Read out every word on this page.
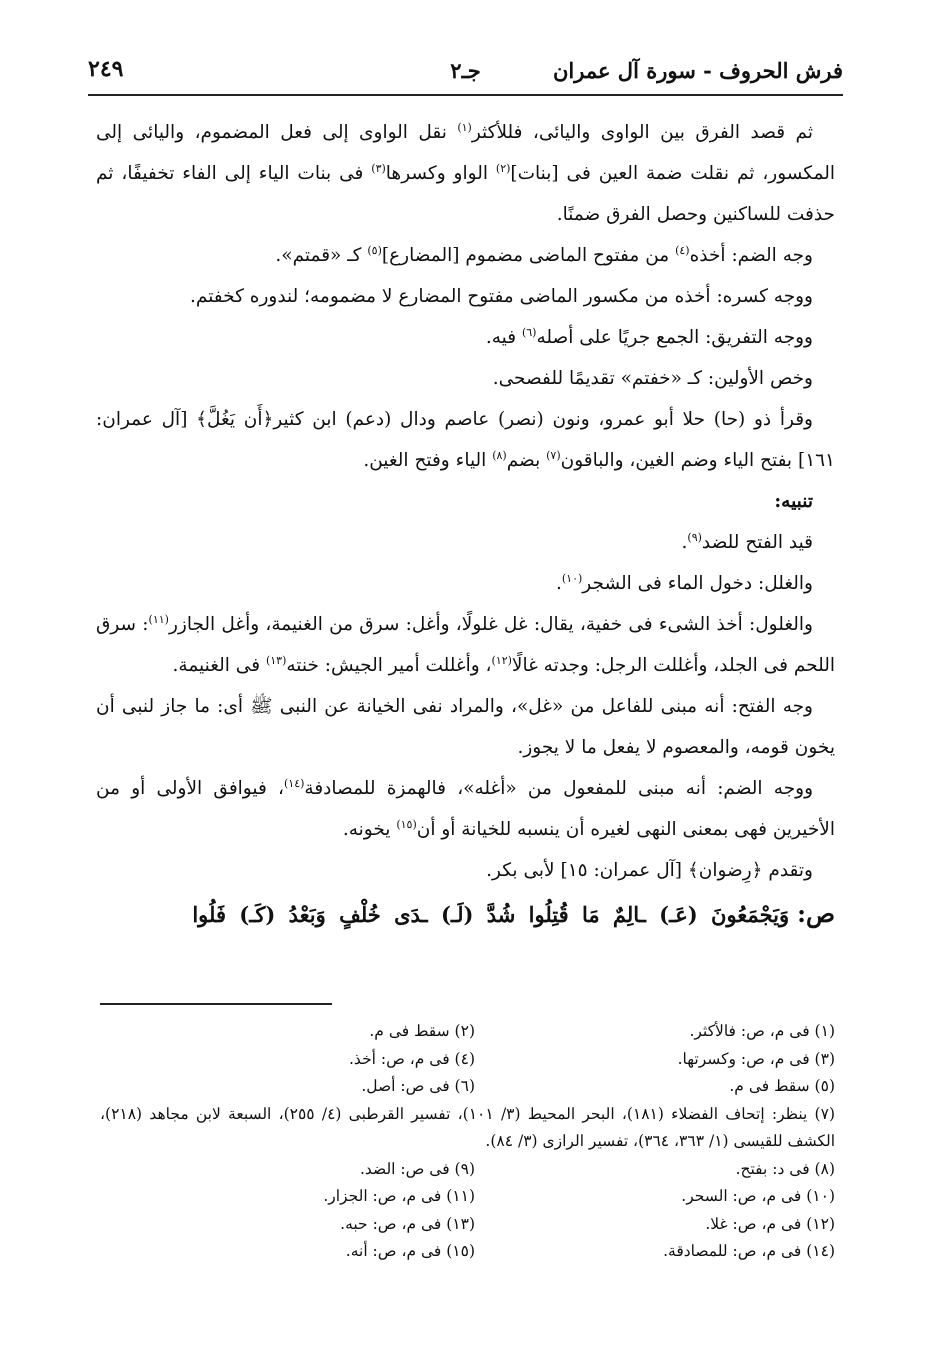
فرش الحروف - سورة آل عمران
جـ٢
٢٤٩

ثم قصد الفرق بين الواوى واليائى، فللأكثر$^{(١)}$ نقل الواوى إلى فعل المضموم، واليائى إلى المكسور، ثم نقلت ضمة العين فى [بنات]$^{(٢)}$ الواو وكسرها$^{(٣)}$ فى بنات الياء إلى الفاء تخفيفًا، ثم حذفت للساكنين وحصل الفرق ضمنًا.

وجه الضم: أخذه$^{(٤)}$ من مفتوح الماضى مضموم [المضارع]$^{(٥)}$ كـ «قمتم».

ووجه كسره: أخذه من مكسور الماضى مفتوح المضارع لا مضمومه؛ لندوره كخفتم.

ووجه التفريق: الجمع جريًا على أصله$^{(٦)}$ فيه.

وخص الأولين: كـ «خفتم» تقديمًا للفصحى.

وقرأ ذو (حا) حلا أبو عمرو، ونون (نصر) عاصم ودال (دعم) ابن كثير﴿أَن يَغُلَّ﴾ [آل عمران: ١٦١] بفتح الياء وضم الغين، والباقون$^{(٧)}$ بضم$^{(٨)}$ الياء وفتح الغين.

تنبيه:

قيد الفتح للضد$^{(٩)}$.

والغلل: دخول الماء فى الشجر$^{(١٠)}$.

والغلول: أخذ الشىء فى خفية، يقال: غل غلولًا، وأغل: سرق من الغنيمة، وأغل الجازر$^{(١١)}$: سرق اللحم فى الجلد، وأغللت الرجل: وجدته غالًا$^{(١٢)}$، وأغللت أمير الجيش: خنته$^{(١٣)}$ فى الغنيمة.

وجه الفتح: أنه مبنى للفاعل من «غل»، والمراد نفى الخيانة عن النبى ﷺ أى: ما جاز لنبى أن يخون قومه، والمعصوم لا يفعل ما لا يجوز.

ووجه الضم: أنه مبنى للمفعول من «أغله»، فالهمزة للمصادفة$^{(١٤)}$، فيوافق الأولى أو من الأخيرين فهى بمعنى النهى لغيره أن ينسبه للخيانة أو أن$^{(١٥)}$ يخونه.

وتقدم ﴿رِضوان﴾ [آل عمران: ١٥] لأبى بكر.

ص:وَيَجْمَعُونَ (عَـ) ـالِمٌ مَا قُتِلُوا شُدَّ (لَـ) ـدَى خُلْفٍ وَبَعْدُ (كَـ) فَلُوا

(١) فى م، ص: فالأكثر.
(٢) سقط فى م.
(٣) فى م، ص: وكسرتها.
(٤) فى م، ص: أخذ.
(٥) سقط فى م.
(٦) فى ص: أصل.
(٧) ينظر: إتحاف الفضلاء (١٨١)، البحر المحيط (٣/ ١٠١)، تفسير القرطبى (٤/ ٢٥٥)، السبعة لابن مجاهد (٢١٨)، الكشف للقيسى (١/ ٣٦٣، ٣٦٤)، تفسير الرازى (٣/ ٨٤).
(٨) فى د: بفتح.
(٩) فى ص: الضد.
(١٠) فى م، ص: السحر.
(١١) فى م، ص: الجزار.
(١٢) فى م، ص: غلا.
(١٣) فى م، ص: حبه.
(١٤) فى م، ص: للمصادقة.
(١٥) فى م، ص: أنه.
